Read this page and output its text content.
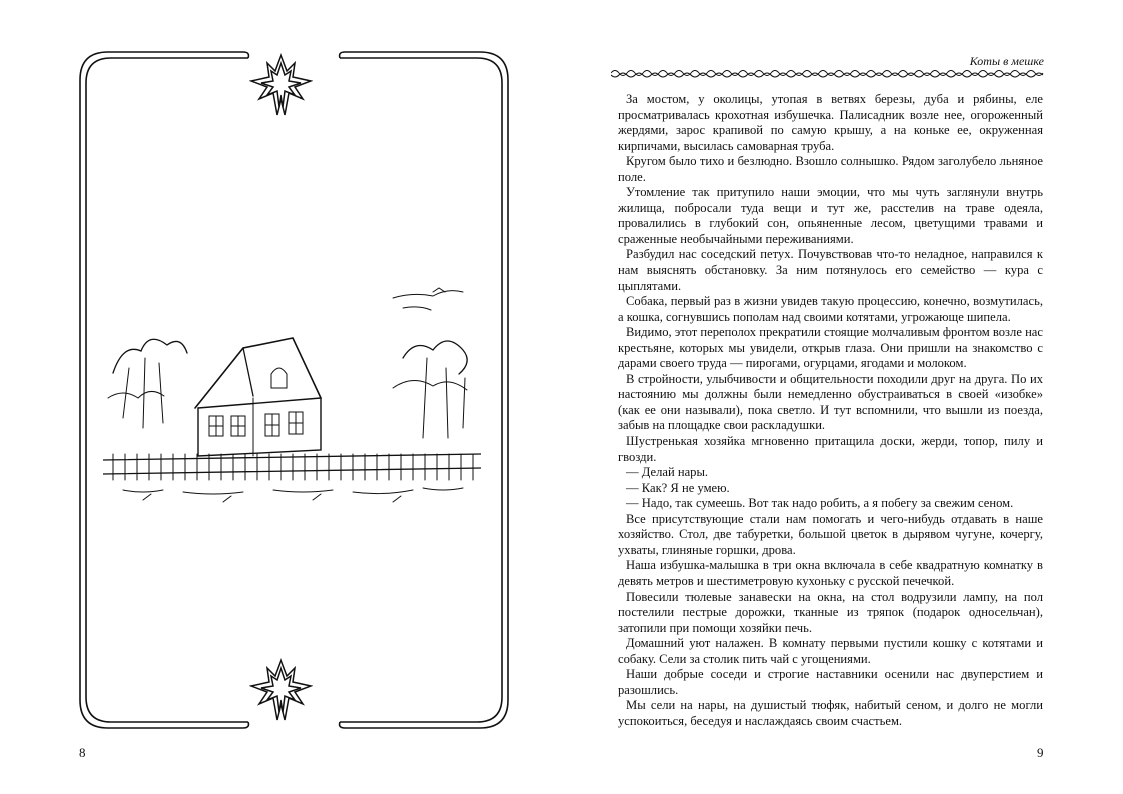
8
Коты в мешке

За мостом, у околицы, утопая в ветвях березы, дуба и рябины, еле просматривалась крохотная избушечка. Палисадник возле нее, огороженный жердями, зарос крапивой по самую крышу, а на коньке ее, окруженная кирпичами, высилась самоварная труба.

Кругом было тихо и безлюдно. Взошло солнышко. Рядом заголубело льняное поле.

Утомление так притупило наши эмоции, что мы чуть заглянули внутрь жилища, побросали туда вещи и тут же, расстелив на траве одеяла, провалились в глубокий сон, опьяненные лесом, цветущими травами и сраженные необычайными переживаниями.

Разбудил нас соседский петух. Почувствовав что-то неладное, направился к нам выяснять обстановку. За ним потянулось его семейство — кура с цыплятами.

Собака, первый раз в жизни увидев такую процессию, конечно, возмутилась, а кошка, согнувшись пополам над своими котятами, угрожающе шипела.

Видимо, этот переполох прекратили стоящие молчаливым фронтом возле нас крестьяне, которых мы увидели, открыв глаза. Они пришли на знакомство с дарами своего труда — пирогами, огурцами, ягодами и молоком.

В стройности, улыбчивости и общительности походили друг на друга. По их настоянию мы должны были немедленно обустраиваться в своей «изобке» (как ее они называли), пока светло. И тут вспомнили, что вышли из поезда, забыв на площадке свои раскладушки.

Шустренькая хозяйка мгновенно притащила доски, жерди, топор, пилу и гвозди.

— Делай нары.

— Как? Я не умею.

— Надо, так сумеешь. Вот так надо робить, а я побегу за свежим сеном.

Все присутствующие стали нам помогать и чего-нибудь отдавать в наше хозяйство. Стол, две табуретки, большой цветок в дырявом чугуне, кочергу, ухваты, глиняные горшки, дрова.

Наша избушка-малышка в три окна включала в себе квадратную комнатку в девять метров и шестиметровую кухоньку с русской печечкой.

Повесили тюлевые занавески на окна, на стол водрузили лампу, на пол постелили пестрые дорожки, тканные из тряпок (подарок односельчан), затопили при помощи хозяйки печь.

Домашний уют налажен. В комнату первыми пустили кошку с котятами и собаку. Сели за столик пить чай с угощениями.

Наши добрые соседи и строгие наставники осенили нас двуперстием и разошлись.

Мы сели на нары, на душистый тюфяк, набитый сеном, и долго не могли успокоиться, беседуя и наслаждаясь своим счастьем.

9
